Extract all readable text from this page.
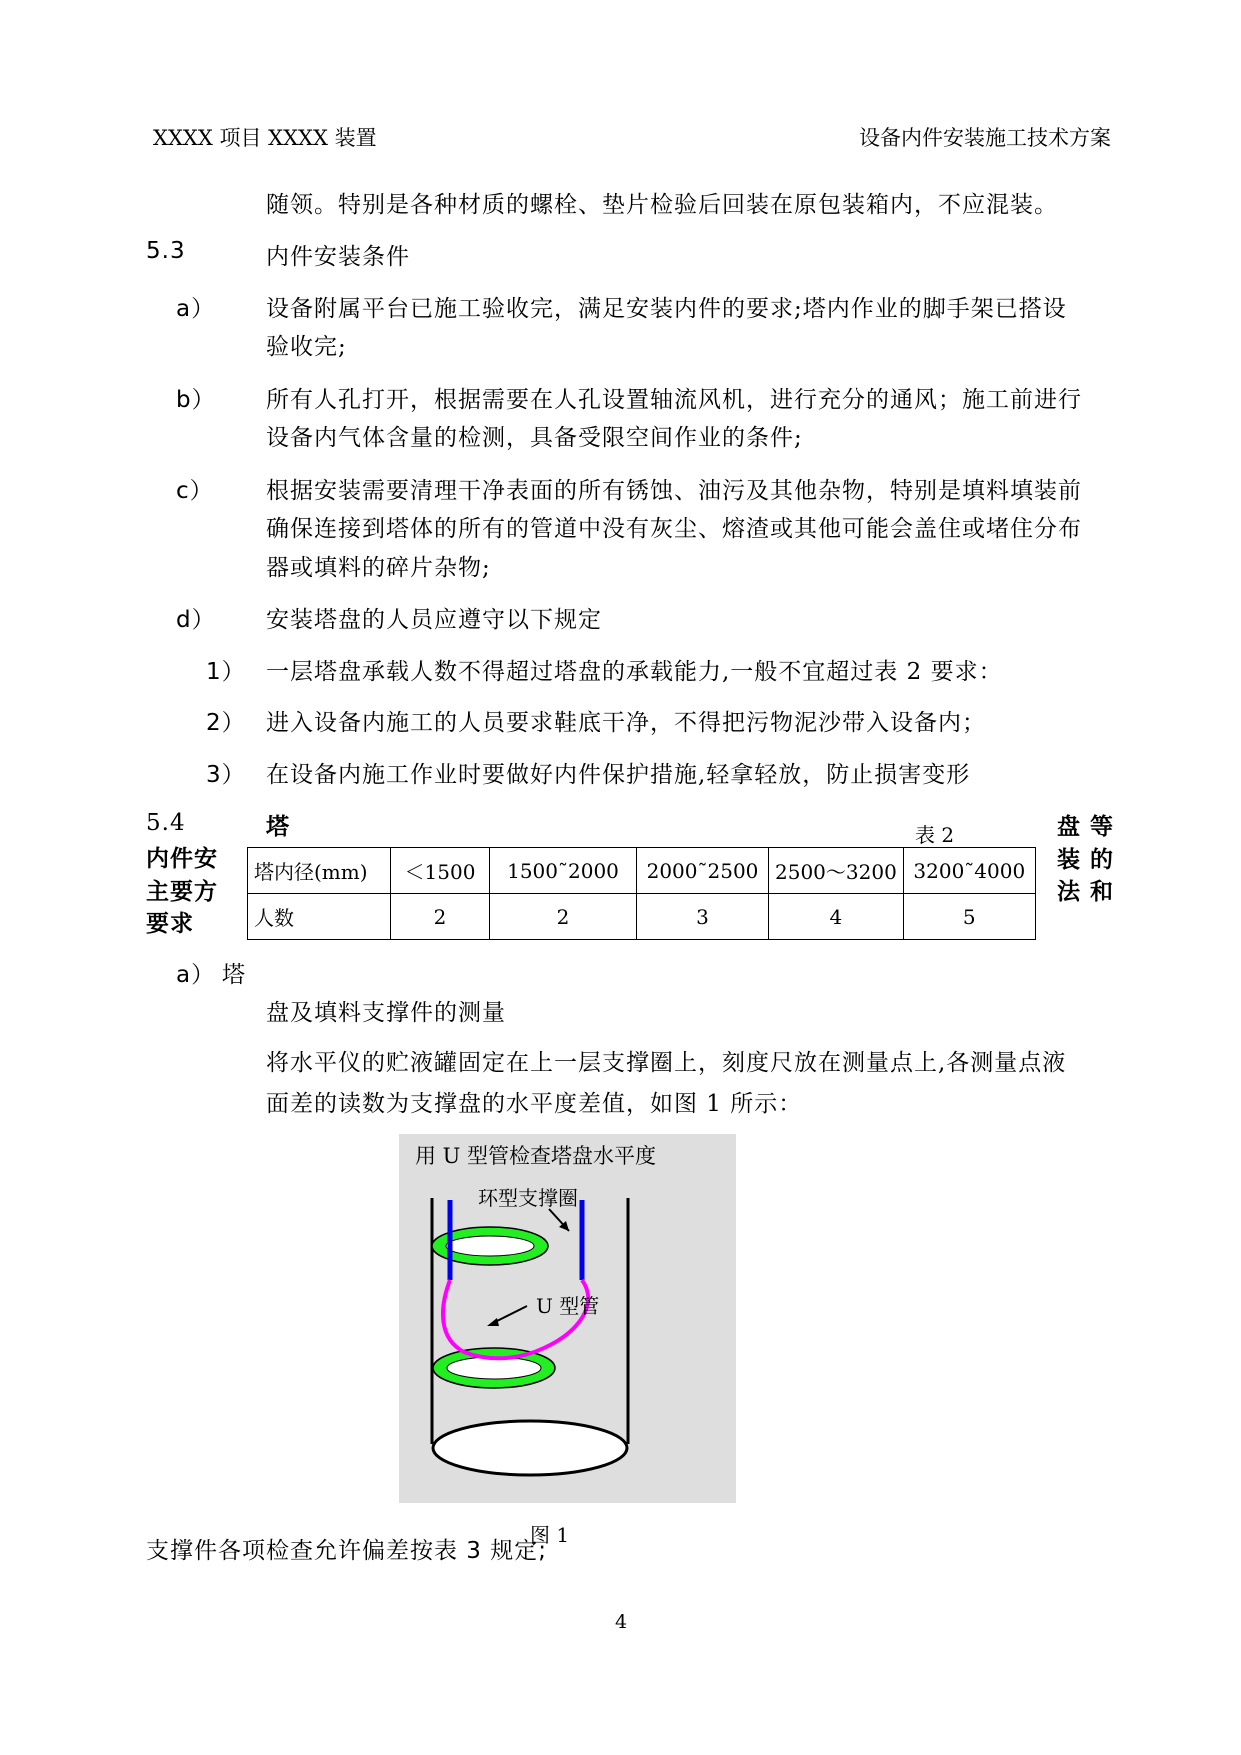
XXXX 项目 XXXX 装置	设备内件安装施工技术方案
随领。特别是各种材质的螺栓、垫片检验后回装在原包装箱内，不应混装。
5.3	内件安装条件
a） 设备附属平台已施工验收完，满足安装内件的要求;塔内作业的脚手架已搭设
验收完;
b） 所有人孔打开，根据需要在人孔设置轴流风机，进行充分的通风；施工前进行
设备内气体含量的检测，具备受限空间作业的条件;
c） 根据安装需要清理干净表面的所有锈蚀、油污及其他杂物，特别是填料填装前
确保连接到塔体的所有的管道中没有灰尘、熔渣或其他可能会盖住或堵住分布
器或填料的碎片杂物;
d） 安装塔盘的人员应遵守以下规定
1） 一层塔盘承载人数不得超过塔盘的承载能力,一般不宜超过表 2 要求：
2） 进入设备内施工的人员要求鞋底干净，不得把污物泥沙带入设备内；
3） 在设备内施工作业时要做好内件保护措施,轻拿轻放，防止损害变形
5.4	塔
内件安
主要方
要求
盘 等
装 的
法 和
表 2
塔内径(mm)	＜1500	1500˜2000	2000˜2500	2500～3200	3200˜4000
人数	2	2	3	4	5
a） 塔
盘及填料支撑件的测量
将水平仪的贮液罐固定在上一层支撑圈上，刻度尺放在测量点上,各测量点液
面差的读数为支撑盘的水平度差值，如图 1 所示：
用 U 型管检查塔盘水平度
环型支撑圈
U 型管
图 1
支撑件各项检查允许偏差按表 3 规定;
4
